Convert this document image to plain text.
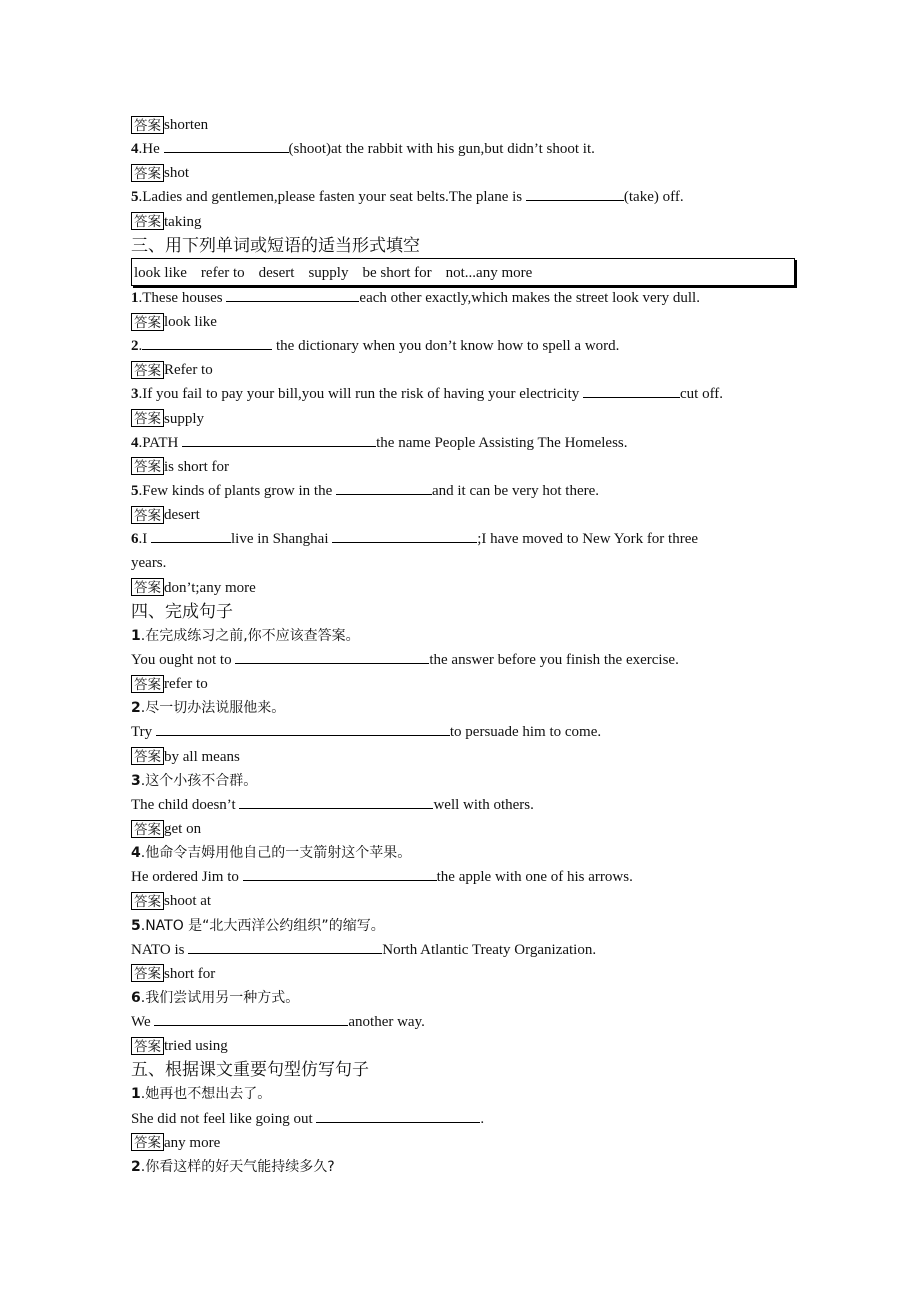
答案 shorten
4.He	(shoot)at the rabbit with his gun,but didn’t shoot it.
答案 shot
5.Ladies and gentlemen,please fasten your seat belts.The plane is	(take) off.
答案 taking
三、用下列单词或短语的适当形式填空
look like refer to desert supply be short for not...any more
1.These houses	each other exactly,which makes the street look very dull.
答案 look like
2.	the dictionary when you don’t know how to spell a word.
答案 Refer to
3.If you fail to pay your bill,you will run the risk of having your electricity	cut off.
答案 supply
4.PATH	the name People Assisting The Homeless.
答案 is short for
5.Few kinds of plants grow in the	and it can be very hot there.
答案 desert
6.I	live in Shanghai	;I have moved to New York for three
years.
答案 don’t;any more
四、完成句子
1.在完成练习之前,你不应该查答案。
You ought not to	the answer before you finish the exercise.
答案 refer to
2.尽一切办法说服他来。
Try	to persuade him to come.
答案 by all means
3.这个小孩不合群。
The child doesn’t	well with others.
答案 get on
4.他命令吉姆用他自己的一支箭射这个苹果。
He ordered Jim to	the apple with one of his arrows.
答案 shoot at
5.NATO 是“北大西洋公约组织”的缩写。
NATO is	North Atlantic Treaty Organization.
答案 short for
6.我们尝试用另一种方式。
We	another way.
答案 tried using
五、根据课文重要句型仿写句子
1.她再也不想出去了。
She did not feel like going out	.
答案 any more
2.你看这样的好天气能持续多久?
